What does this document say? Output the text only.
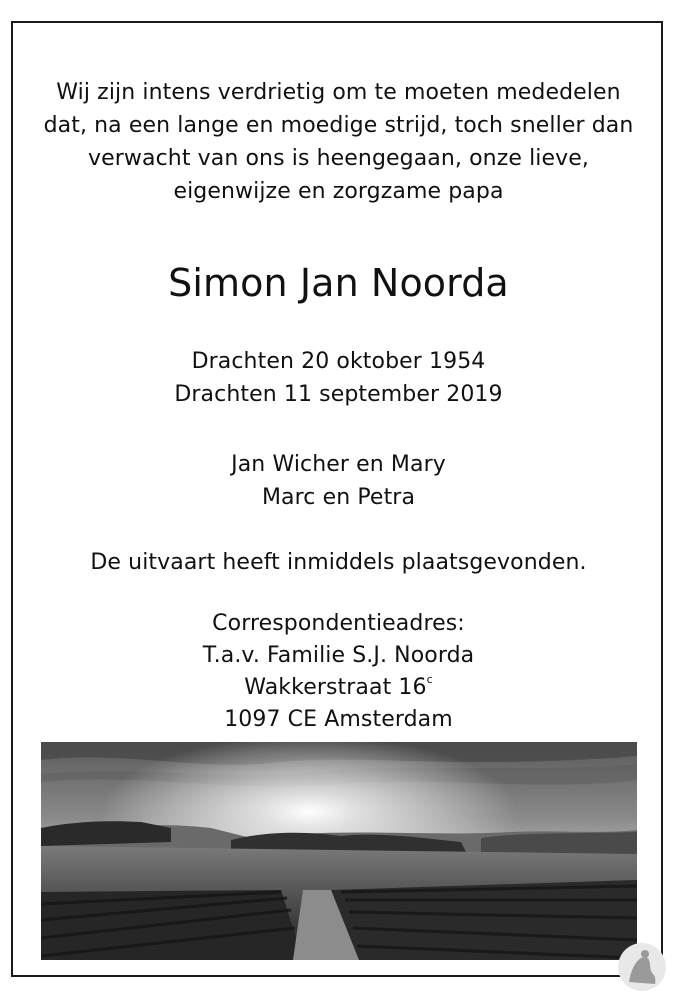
Wij zijn intens verdrietig om te moeten mededelen
dat, na een lange en moedige strijd, toch sneller dan
verwacht van ons is heengegaan, onze lieve,
eigenwijze en zorgzame papa
Simon Jan Noorda
Drachten 20 oktober 1954
Drachten 11 september 2019
Jan Wicher en Mary
Marc en Petra
De uitvaart heeft inmiddels plaatsgevonden.
Correspondentieadres:
T.a.v. Familie S.J. Noorda
Wakkerstraat 16$^c$
1097 CE Amsterdam
